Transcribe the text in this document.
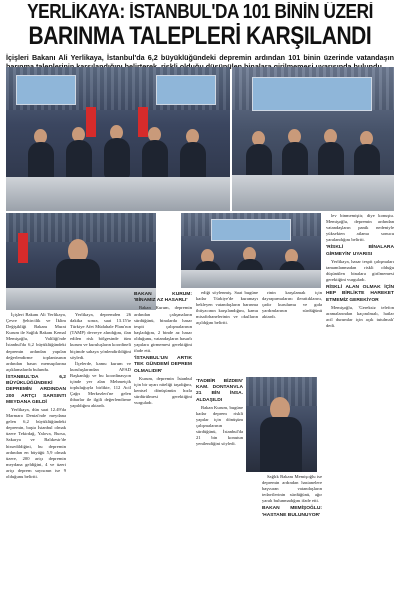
YERLİKAYA: İSTANBUL'DA 101 BİNİN ÜZERİ
BARINMA TALEPLERİ KARŞILANDI
İçişleri Bakanı Ali Yerlikaya, İstanbul'da 6,2 büyüklüğündeki depremin ardından 101 binin üzerinde vatandaşın

İçişleri Bakanı Ali Yerlikaya, Çevre Şehircilik ve İklim Değişikliği Bakanı Murat Kurum ile Sağlık Bakanı Kemal Memişoğlu, Valiliği'nde İstanbul'da 6,2 büyüklüğündeki depremin ardından yapılan değerlendirme toplantısının ardından basın mensuplarına açıklamalarda bulundu.

İSTANBUL'DA 6,2 BÜYÜKLÜĞÜNDEKİ DEPREMİN ARDINDAN 200 ARTÇI SARSINTI MEYDANA GELDİ

Yerlikaya, dün saat 12.49'da Marmara Denizi'nde meydana gelen 6,2 büyüklüğündeki depremin, başta İstanbul olmak üzere Tekirdağ, Yalova, Bursa, Sakarya ve Balıkesir'de hissedildiğini, bu depremin ardından en büyüğü 5,9 olmak üzere, 200 artçı depremin meydana geldiğini, 4 ve üzeri artçı deprem sayısının ise 9 olduğunu belirtti.

Yerlikaya, depremden 26 dakika sonra, saat 13.15'te Türkiye Afet Müdahale Planı'nın (TAMP) devreye alındığını, ilan edilen risk bölgesinde tüm kurum ve kuruluşların koordineli biçimde sahaya yönlendirildiğini söyledi.

İlçelerde, kamu kurum ve kuruluşlarından AFAD Başkanlığı ve bu koordinasyon içinde yer alan Mehmetçik topluluğuyla birlikte, 112 Acil Çağrı Merkezleri'ne gelen ihbarlar ile ilgili değerlendirme yapıldığını aktardı.

BAKAN KURUM: 'BİNAMIZ AZ HASARLI'

Bakan Kurum, depremin ardından çalışmaların sürdüğünü, binalarda hasar tespit çalışmalarının başladığını, 2 binde az hasar olduğunu, vatandaşların hasarlı yapılara girmemesi gerektiğini ifade etti.

'İSTANBUL'UN ARTIK TEK GÜNDEMİ DEPREM OLMALIDIR'

Kurum, depremin İstanbul için bir uyarı niteliği taşıdığını, kentsel dönüşümün hızla sürdürülmesi gerektiğini vurguladı.

ediği söylenmiş. Saat bugüne kadar Türkiye'de kuramayı bekleyen vatandaşların barınma ihtiyacının karşılandığını, kamu misafirhanelerinin ve okulların açıldığını belirtti.

'TADBİR BİZDEN' KAM. DONTANVLA 21 BİN İNSA. ALDAŞILDI

Bakan Kurum, bugüne kadar deprem riskli yapılar için dönüşüm çalışmalarının sürdüğünü, İstanbul'da 21 bin konutun yenilendiğini söyledi.

rinin karşılamak için dayrapırmalarını ilerattıklarını, çadır kurulumu ve gıda yardımlarının sürdüğünü aktardı.

Sağlık Bakanı Memişoğlu ise depremin ardından hastanelere başvuran vatandaşların tedavilerinin sürdüğünü, ağır yaralı bulunmadığını ifade etti.

BAKAN MEMİŞOĞLU: 'HASTANE BULUNUYOR'

lev binmemiştir, diye konuştu. Memişoğlu, depremin ardından vatandaşların panik nedeniyle yüksekten atlama sonucu yaralandığını belirtti.

'RİSKLİ BİNALARA GİRMEYİN' UYARISI

Yerlikaya, hasar tespit çalışmaları tamamlanmadan riskli olduğu düşünülen binalara girilmemesi gerektiğini vurguladı.

RİSKLİ ALAN OLMAK İÇİN HEP BİRLİKTE HAREKET ETMEMİZ GEREKİYOR

Memişoğlu, 'Gereksiz telefon aramalarından kaçınılmalı, hatlar acil durumlar için açık tutulmalı' dedi.
